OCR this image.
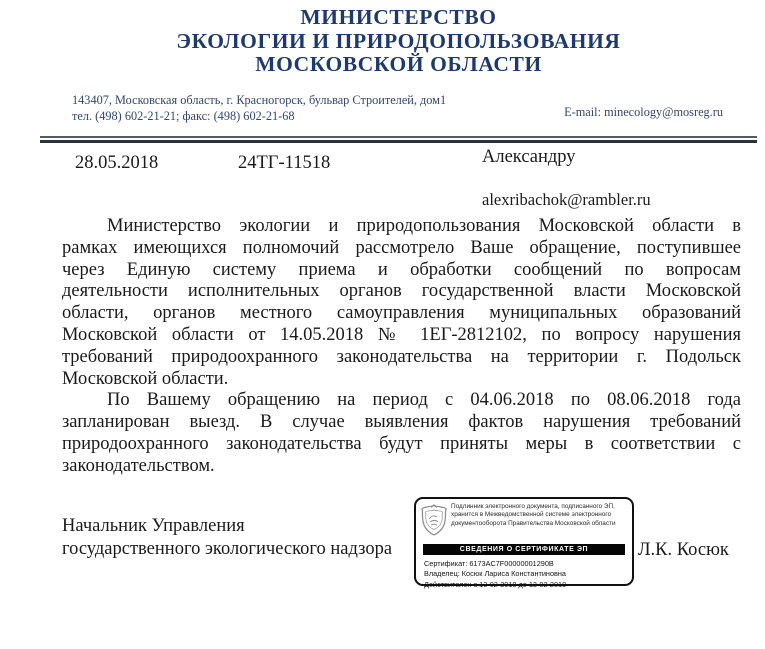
МИНИСТЕРСТВО
ЭКОЛОГИИ И ПРИРОДОПОЛЬЗОВАНИЯ
МОСКОВСКОЙ ОБЛАСТИ
143407, Московская область, г. Красногорск, бульвар Строителей, дом1
тел. (498) 602-21-21; факс: (498) 602-21-68	E-mail: minecology@mosreg.ru
28.05.2018	24ТГ-11518	Александру
alexribachok@rambler.ru
Министерство экологии и природопользования Московской области в
рамках имеющихся полномочий рассмотрело Ваше обращение, поступившее
через Единую систему приема и обработки сообщений по вопросам
деятельности исполнительных органов государственной власти Московской
области, органов местного самоуправления муниципальных образований
Московской области от 14.05.2018 № 1ЕГ-2812102, по вопросу нарушения
требований природоохранного законодательства на территории г. Подольск
Московской области.
По Вашему обращению на период с 04.06.2018 по 08.06.2018 года
запланирован выезд. В случае выявления фактов нарушения требований
природоохранного законодательства будут приняты меры в соответствии с
законодательством.
Начальник Управления
государственного экологического надзора	Л.К. Косюк
Подлинник электронного документа, подписанного ЭП,
хранится в Межведомственной системе электронного
документооборота Правительства Московской области
СВЕДЕНИЯ О СЕРТИФИКАТЕ ЭП
Сертификат: 6173AC7F00000001290B
Владелец: Косюк Лариса Константиновна
Действителен с 13-02-2018 до 13-02-2019
